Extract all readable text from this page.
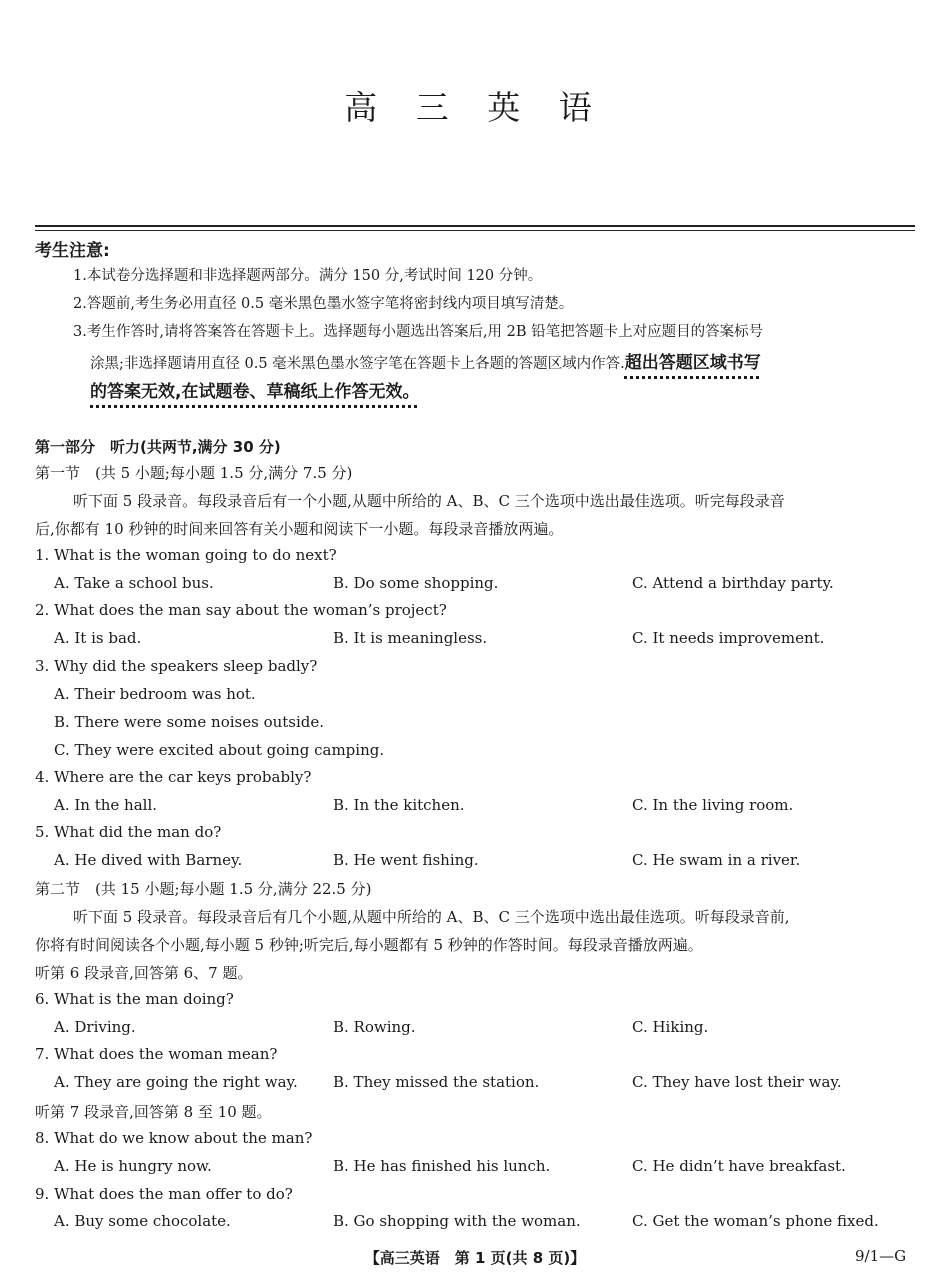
高 三 英 语
考生注意:
1.本试卷分选择题和非选择题两部分。满分 150 分,考试时间 120 分钟。
2.答题前,考生务必用直径 0.5 毫米黑色墨水签字笔将密封线内项目填写清楚。
3.考生作答时,请将答案答在答题卡上。选择题每小题选出答案后,用 2B 铅笔把答题卡上对应题目的答案标号
涂黑;非选择题请用直径 0.5 毫米黑色墨水签字笔在答题卡上各题的答题区域内作答.超出答题区域书写
的答案无效,在试题卷、草稿纸上作答无效。
第一部分　听力(共两节,满分 30 分)
第一节　(共 5 小题;每小题 1.5 分,满分 7.5 分)
听下面 5 段录音。每段录音后有一个小题,从题中所给的 A、B、C 三个选项中选出最佳选项。听完每段录音
后,你都有 10 秒钟的时间来回答有关小题和阅读下一小题。每段录音播放两遍。
1. What is the woman going to do next?
A. Take a school bus.	B. Do some shopping.	C. Attend a birthday party.
2. What does the man say about the woman’s project?
A. It is bad.	B. It is meaningless.	C. It needs improvement.
3. Why did the speakers sleep badly?
A. Their bedroom was hot.
B. There were some noises outside.
C. They were excited about going camping.
4. Where are the car keys probably?
A. In the hall.	B. In the kitchen.	C. In the living room.
5. What did the man do?
A. He dived with Barney.	B. He went fishing.	C. He swam in a river.
第二节　(共 15 小题;每小题 1.5 分,满分 22.5 分)
听下面 5 段录音。每段录音后有几个小题,从题中所给的 A、B、C 三个选项中选出最佳选项。听每段录音前,
你将有时间阅读各个小题,每小题 5 秒钟;听完后,每小题都有 5 秒钟的作答时间。每段录音播放两遍。
听第 6 段录音,回答第 6、7 题。
6. What is the man doing?
A. Driving.	B. Rowing.	C. Hiking.
7. What does the woman mean?
A. They are going the right way. B. They missed the station.	C. They have lost their way.
听第 7 段录音,回答第 8 至 10 题。
8. What do we know about the man?
A. He is hungry now.	B. He has finished his lunch.	C. He didn’t have breakfast.
9. What does the man offer to do?
A. Buy some chocolate.	B. Go shopping with the woman.	C. Get the woman’s phone fixed.
【高三英语　第 1 页(共 8 页)】	9/1—G
